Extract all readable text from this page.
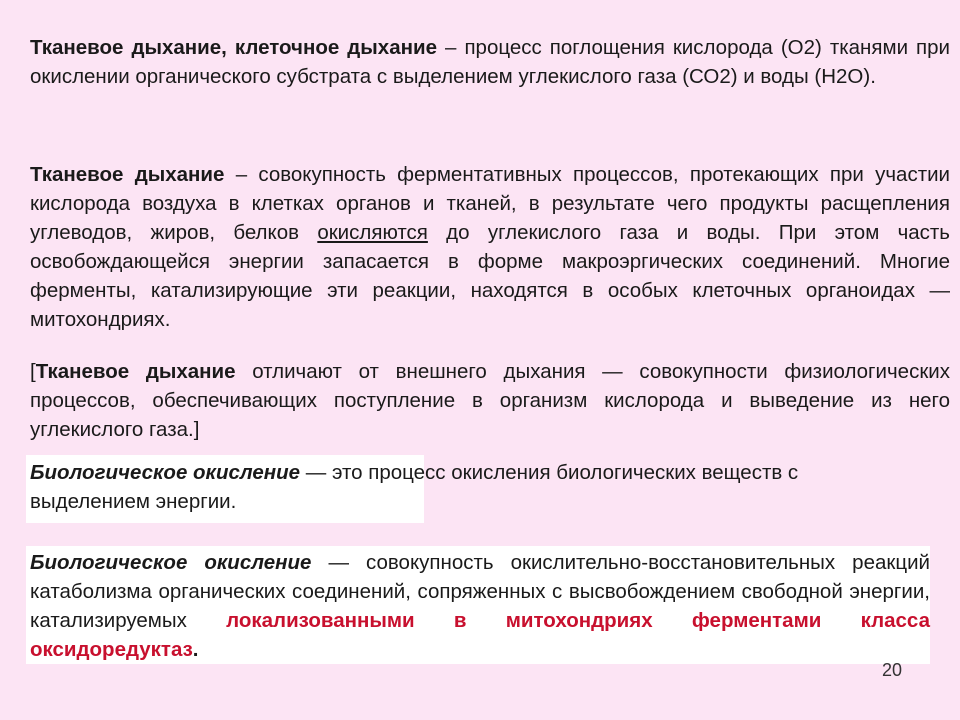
Тканевое дыхание, клеточное дыхание – процесс поглощения кислорода (О2) тканями при окислении органического субстрата с выделением углекислого газа (СО2) и воды (Н2О).

Тканевое дыхание – совокупность ферментативных процессов, протекающих при участии кислорода воздуха в клетках органов и тканей, в результате чего продукты расщепления углеводов, жиров, белков окисляются до углекислого газа и воды. При этом часть освобождающейся энергии запасается в форме макроэргических соединений. Многие ферменты, катализирующие эти реакции, находятся в особых клеточных органоидах — митохондриях.

[Тканевое дыхание отличают от внешнего дыхания — совокупности физиологических процессов, обеспечивающих поступление в организм кислорода и выведение из него углекислого газа.]

Биологическое окисление — это процесс окисления биологических веществ с выделением энергии.

Биологическое окисление — совокупность окислительно-восстановительных реакций катаболизма органических соединений, сопряженных с высвобождением свободной энергии, катализируемых локализованными в митохондриях ферментами класса оксидоредуктаз.

20
